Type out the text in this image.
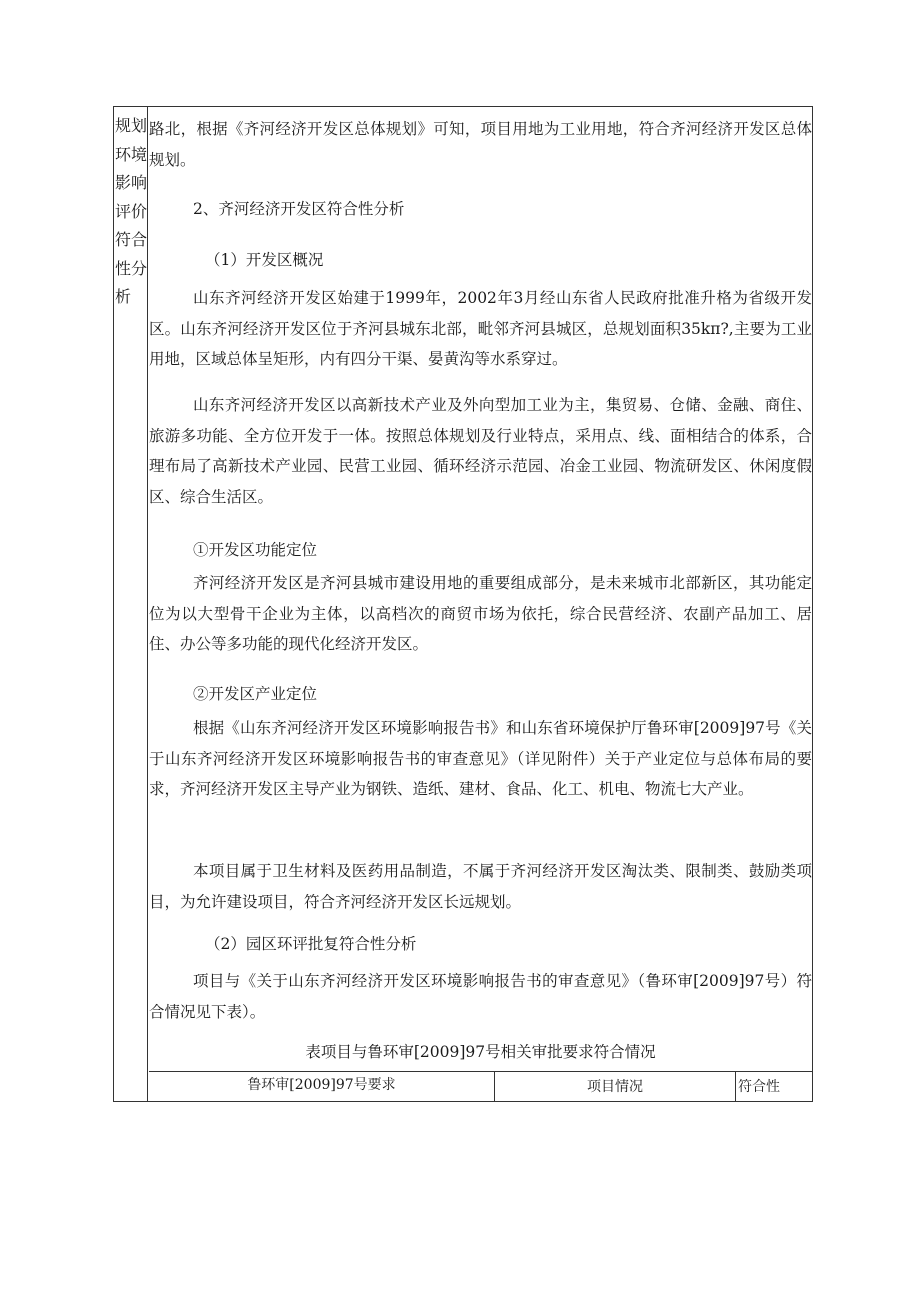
规划
环境
影响
评价
符合
性分
析
路北，根据《齐河经济开发区总体规划》可知，项目用地为工业用地，符合齐河经济开发区总体规划。
2、齐河经济开发区符合性分析
（1）开发区概况
山东齐河经济开发区始建于1999年，2002年3月经山东省人民政府批准升格为省级开发区。山东齐河经济开发区位于齐河县城东北部，毗邻齐河县城区，总规划面积35kπ?,主要为工业用地，区域总体呈矩形，内有四分干渠、晏黄沟等水系穿过。
山东齐河经济开发区以高新技术产业及外向型加工业为主，集贸易、仓储、金融、商住、旅游多功能、全方位开发于一体。按照总体规划及行业特点，采用点、线、面相结合的体系，合理布局了高新技术产业园、民营工业园、循环经济示范园、冶金工业园、物流研发区、休闲度假区、综合生活区。
①开发区功能定位
齐河经济开发区是齐河县城市建设用地的重要组成部分，是未来城市北部新区，其功能定位为以大型骨干企业为主体，以高档次的商贸市场为依托，综合民营经济、农副产品加工、居住、办公等多功能的现代化经济开发区。
②开发区产业定位
根据《山东齐河经济开发区环境影响报告书》和山东省环境保护厅鲁环审[2009]97号《关于山东齐河经济开发区环境影响报告书的审查意见》（详见附件）关于产业定位与总体布局的要求，齐河经济开发区主导产业为钢铁、造纸、建材、食品、化工、机电、物流七大产业。
本项目属于卫生材料及医药用品制造，不属于齐河经济开发区淘汰类、限制类、鼓励类项目，为允许建设项目，符合齐河经济开发区长远规划。
（2）园区环评批复符合性分析
项目与《关于山东齐河经济开发区环境影响报告书的审查意见》（鲁环审[2009]97号）符合情况见下表）。
表项目与鲁环审[2009]97号相关审批要求符合情况
鲁环审[2009]97号要求	项目情况	符合性
